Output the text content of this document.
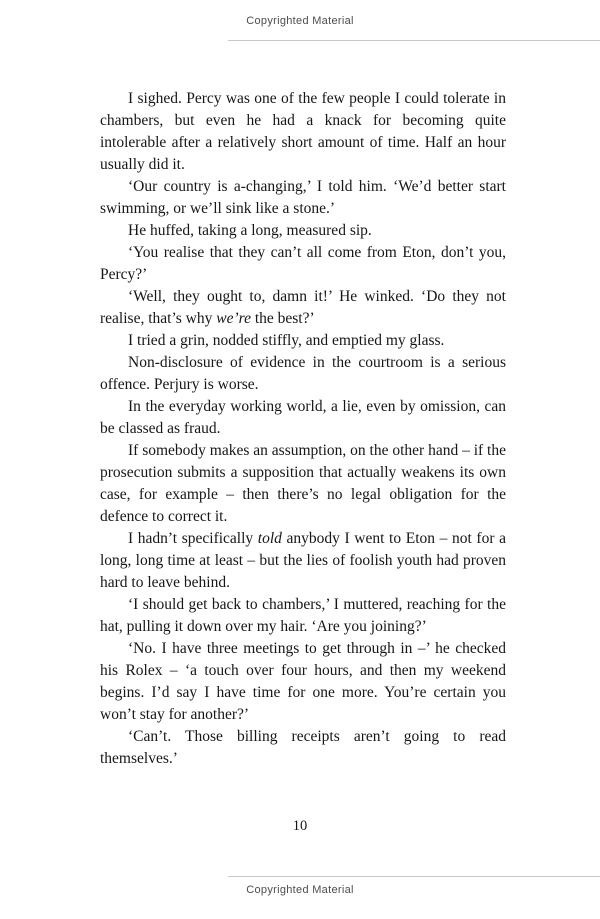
Copyrighted Material

I sighed. Percy was one of the few people I could tolerate in chambers, but even he had a knack for becoming quite intolerable after a relatively short amount of time. Half an hour usually did it.

‘Our country is a-changing,’ I told him. ‘We’d better start swimming, or we’ll sink like a stone.’

He huffed, taking a long, measured sip.

‘You realise that they can’t all come from Eton, don’t you, Percy?’

‘Well, they ought to, damn it!’ He winked. ‘Do they not realise, that’s why we’re the best?’

I tried a grin, nodded stiffly, and emptied my glass.

Non-disclosure of evidence in the courtroom is a serious offence. Perjury is worse.

In the everyday working world, a lie, even by omission, can be classed as fraud.

If somebody makes an assumption, on the other hand – if the prosecution submits a supposition that actually weakens its own case, for example – then there’s no legal obligation for the defence to correct it.

I hadn’t specifically told anybody I went to Eton – not for a long, long time at least – but the lies of foolish youth had proven hard to leave behind.

‘I should get back to chambers,’ I muttered, reaching for the hat, pulling it down over my hair. ‘Are you joining?’

‘No. I have three meetings to get through in –’ he checked his Rolex – ‘a touch over four hours, and then my weekend begins. I’d say I have time for one more. You’re certain you won’t stay for another?’

‘Can’t. Those billing receipts aren’t going to read themselves.’

10
Copyrighted Material
